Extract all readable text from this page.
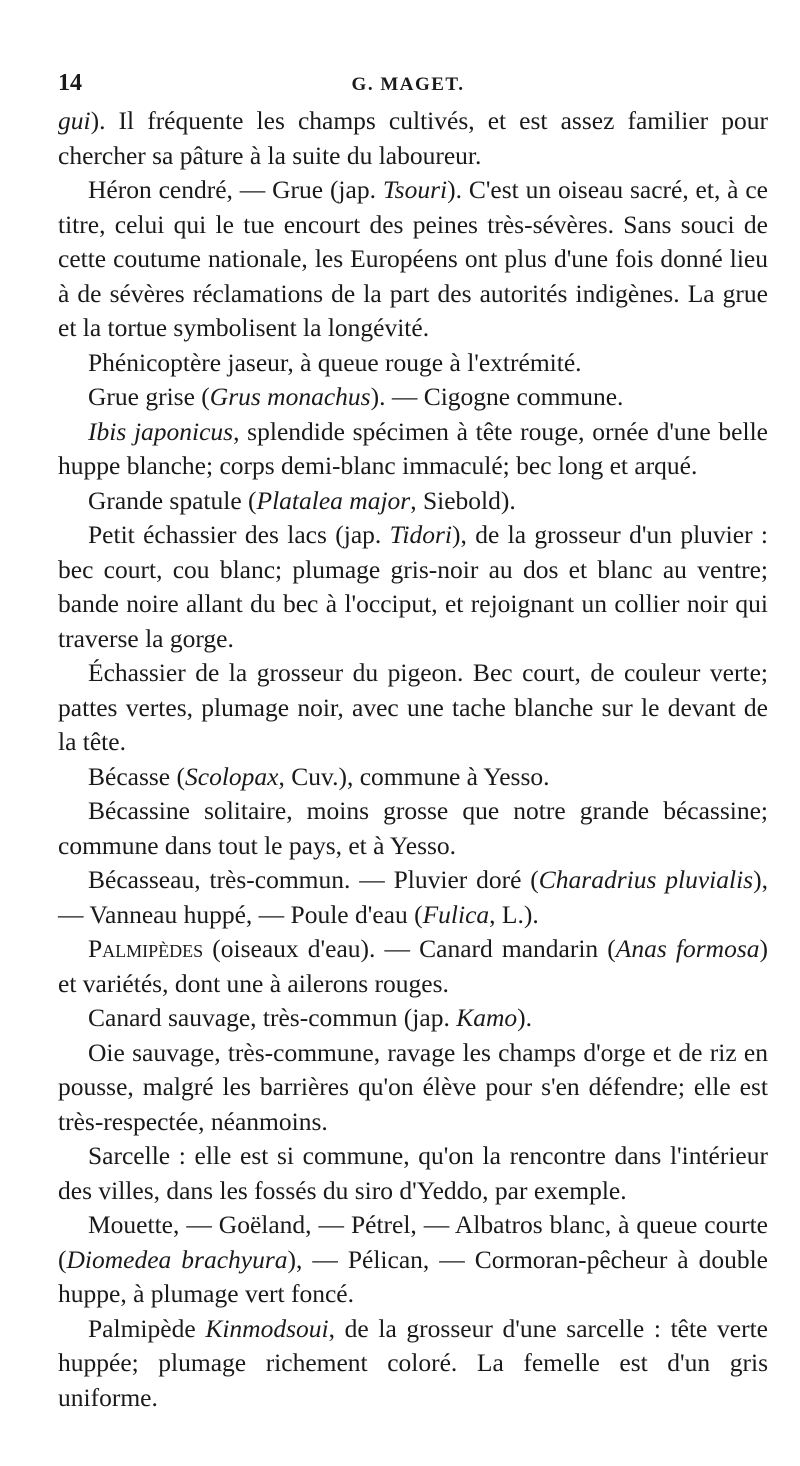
14	G. MAGET.

gui). Il fréquente les champs cultivés, et est assez familier pour chercher sa pâture à la suite du laboureur.

Héron cendré, — Grue (jap. Tsouri). C'est un oiseau sacré, et, à ce titre, celui qui le tue encourt des peines très-sévères. Sans souci de cette coutume nationale, les Européens ont plus d'une fois donné lieu à de sévères réclamations de la part des autorités indigènes. La grue et la tortue symbolisent la longévité.

Phénicoptère jaseur, à queue rouge à l'extrémité.

Grue grise (Grus monachus). — Cigogne commune.

Ibis japonicus, splendide spécimen à tête rouge, ornée d'une belle huppe blanche; corps demi-blanc immaculé; bec long et arqué.

Grande spatule (Platalea major, Siebold).

Petit échassier des lacs (jap. Tidori), de la grosseur d'un pluvier : bec court, cou blanc; plumage gris-noir au dos et blanc au ventre; bande noire allant du bec à l'occiput, et rejoignant un collier noir qui traverse la gorge.

Échassier de la grosseur du pigeon. Bec court, de couleur verte; pattes vertes, plumage noir, avec une tache blanche sur le devant de la tête.

Bécasse (Scolopax, Cuv.), commune à Yesso.

Bécassine solitaire, moins grosse que notre grande bécassine; commune dans tout le pays, et à Yesso.

Bécasseau, très-commun. — Pluvier doré (Charadrius pluvialis), — Vanneau huppé, — Poule d'eau (Fulica, L.).

Palmipèdes (oiseaux d'eau). — Canard mandarin (Anas formosa) et variétés, dont une à ailerons rouges.

Canard sauvage, très-commun (jap. Kamo).

Oie sauvage, très-commune, ravage les champs d'orge et de riz en pousse, malgré les barrières qu'on élève pour s'en défendre; elle est très-respectée, néanmoins.

Sarcelle : elle est si commune, qu'on la rencontre dans l'intérieur des villes, dans les fossés du siro d'Yeddo, par exemple.

Mouette, — Goëland, — Pétrel, — Albatros blanc, à queue courte (Diomedea brachyura), — Pélican, — Cormoran-pêcheur à double huppe, à plumage vert foncé.

Palmipède Kinmodsoui, de la grosseur d'une sarcelle : tête verte huppée; plumage richement coloré. La femelle est d'un gris uniforme.
